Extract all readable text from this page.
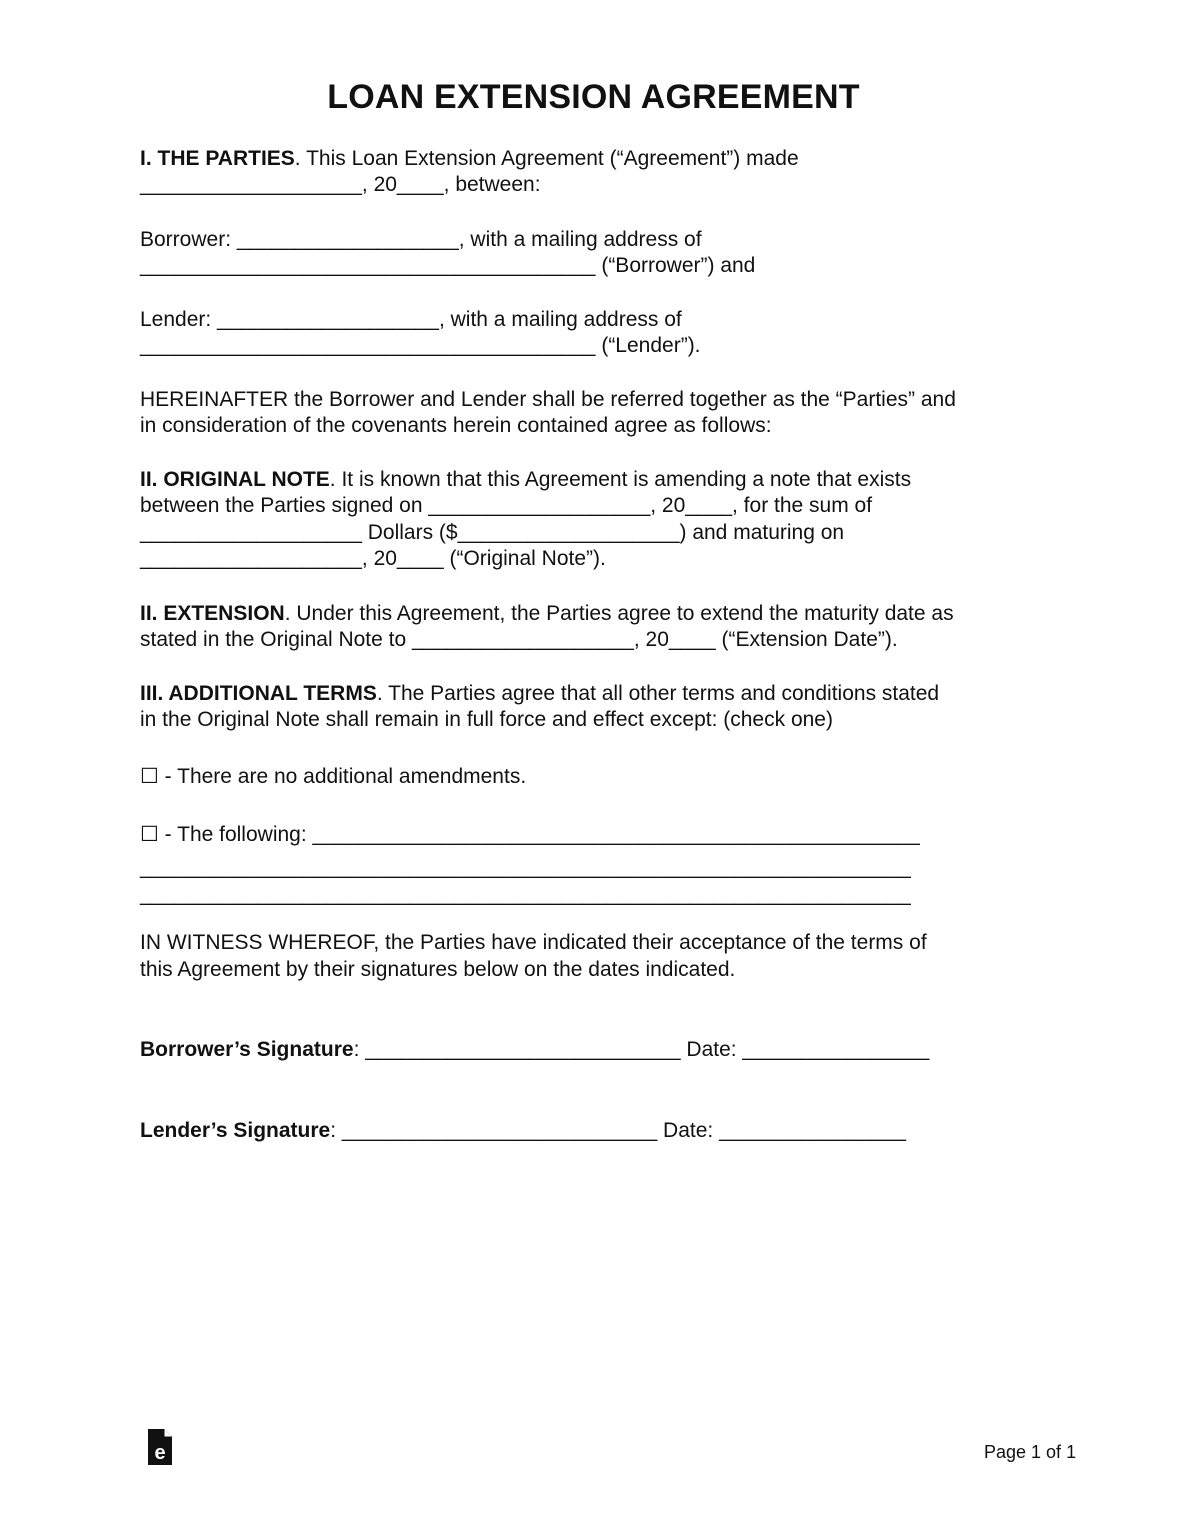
LOAN EXTENSION AGREEMENT
I. THE PARTIES. This Loan Extension Agreement (“Agreement”) made
___________________, 20____, between:
Borrower: ___________________, with a mailing address of
_______________________________________ (“Borrower”) and
Lender: ___________________, with a mailing address of
_______________________________________ (“Lender”).
HEREINAFTER the Borrower and Lender shall be referred together as the “Parties” and
in consideration of the covenants herein contained agree as follows:
II. ORIGINAL NOTE. It is known that this Agreement is amending a note that exists
between the Parties signed on ___________________, 20____, for the sum of
___________________ Dollars ($___________________) and maturing on
___________________, 20____ (“Original Note”).
II. EXTENSION. Under this Agreement, the Parties agree to extend the maturity date as
stated in the Original Note to ___________________, 20____ (“Extension Date”).
III. ADDITIONAL TERMS. The Parties agree that all other terms and conditions stated
in the Original Note shall remain in full force and effect except: (check one)
☐ - There are no additional amendments.
☐ - The following: ____________________________________________________
__________________________________________________________________
__________________________________________________________________
IN WITNESS WHEREOF, the Parties have indicated their acceptance of the terms of
this Agreement by their signatures below on the dates indicated.
Borrower’s Signature: ___________________________ Date: ________________
Lender’s Signature: ___________________________ Date: ________________
e	Page 1 of 1
